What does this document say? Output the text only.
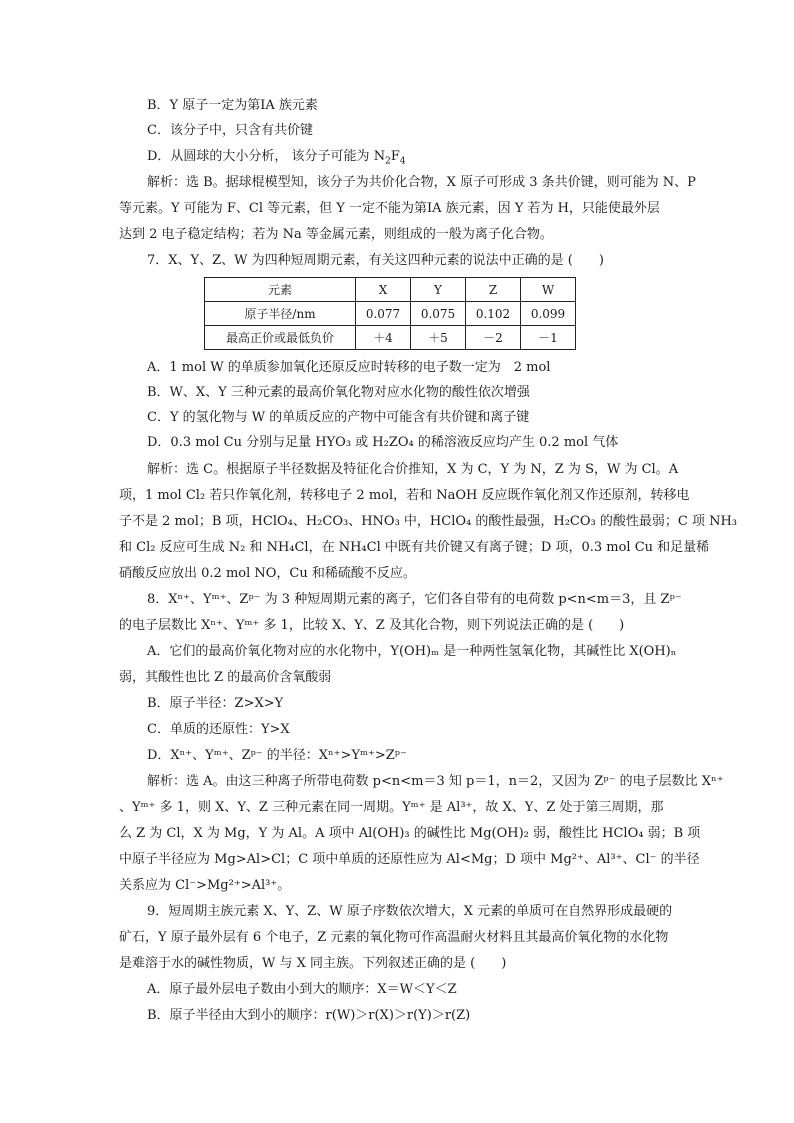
B．Y 原子一定为第ⅠA 族元素
C．该分子中，只含有共价键
D．从圆球的大小分析， 该分子可能为 $N_2F_4$
解析：选 B。据球棍模型知，该分子为共价化合物，X 原子可形成 3 条共价键，则可能为 N、P
等元素。Y 可能为 F、Cl 等元素，但 Y 一定不能为第ⅠA 族元素，因 Y 若为 H，只能使最外层
达到 2 电子稳定结构；若为 Na 等金属元素，则组成的一般为离子化合物。
7．X、Y、Z、W 为四种短周期元素，有关这四种元素的说法中正确的是 (　　)
元素	X	Y	Z	W
原子半径/nm	0.077	0.075	0.102	0.099
最高正价或最低负价	＋4	＋5	－2	－1
A．1 mol W 的单质参加氧化还原反应时转移的电子数一定为　2 mol
B．W、X、Y 三种元素的最高价氧化物对应水化物的酸性依次增强
C．Y 的氢化物与 W 的单质反应的产物中可能含有共价键和离子键
D．0.3 mol Cu 分别与足量 HYO₃ 或 H₂ZO₄ 的稀溶液反应均产生 0.2 mol 气体
解析：选 C。根据原子半径数据及特征化合价推知，X 为 C，Y 为 N，Z 为 S，W 为 Cl。A
项，1 mol Cl₂ 若只作氧化剂，转移电子 2 mol，若和 NaOH 反应既作氧化剂又作还原剂，转移电
子不是 2 mol；B 项，HClO₄、H₂CO₃、HNO₃ 中，HClO₄ 的酸性最强，H₂CO₃ 的酸性最弱；C 项 NH₃
和 Cl₂ 反应可生成 N₂ 和 NH₄Cl，在 NH₄Cl 中既有共价键又有离子键；D 项，0.3 mol Cu 和足量稀
硝酸反应放出 0.2 mol NO，Cu 和稀硫酸不反应。
8．Xⁿ⁺、Yᵐ⁺、Zᵖ⁻ 为 3 种短周期元素的离子，它们各自带有的电荷数 p<n<m＝3，且 Zᵖ⁻
的电子层数比 Xⁿ⁺、Yᵐ⁺ 多 1，比较 X、Y、Z 及其化合物，则下列说法正确的是 (　　)
A．它们的最高价氧化物对应的水化物中，Y(OH)ₘ 是一种两性氢氧化物，其碱性比 X(OH)ₙ
弱，其酸性也比 Z 的最高价含氧酸弱
B．原子半径：Z>X>Y
C．单质的还原性：Y>X
D．Xⁿ⁺、Yᵐ⁺、Zᵖ⁻ 的半径：Xⁿ⁺>Yᵐ⁺>Zᵖ⁻
解析：选 A。由这三种离子所带电荷数 p<n<m＝3 知 p＝1，n＝2，又因为 Zᵖ⁻ 的电子层数比 Xⁿ⁺
、Yᵐ⁺ 多 1，则 X、Y、Z 三种元素在同一周期。Yᵐ⁺ 是 Al³⁺，故 X、Y、Z 处于第三周期，那
么 Z 为 Cl，X 为 Mg，Y 为 Al。A 项中 Al(OH)₃ 的碱性比 Mg(OH)₂ 弱，酸性比 HClO₄ 弱；B 项
中原子半径应为 Mg>Al>Cl；C 项中单质的还原性应为 Al<Mg；D 项中 Mg²⁺、Al³⁺、Cl⁻ 的半径
关系应为 Cl⁻>Mg²⁺>Al³⁺。
9．短周期主族元素 X、Y、Z、W 原子序数依次增大，X 元素的单质可在自然界形成最硬的
矿石，Y 原子最外层有 6 个电子，Z 元素的氧化物可作高温耐火材料且其最高价氧化物的水化物
是难溶于水的碱性物质，W 与 X 同主族。下列叙述正确的是 (　　)
A．原子最外层电子数由小到大的顺序：X＝W＜Y＜Z
B．原子半径由大到小的顺序：r(W)＞r(X)＞r(Y)＞r(Z)
